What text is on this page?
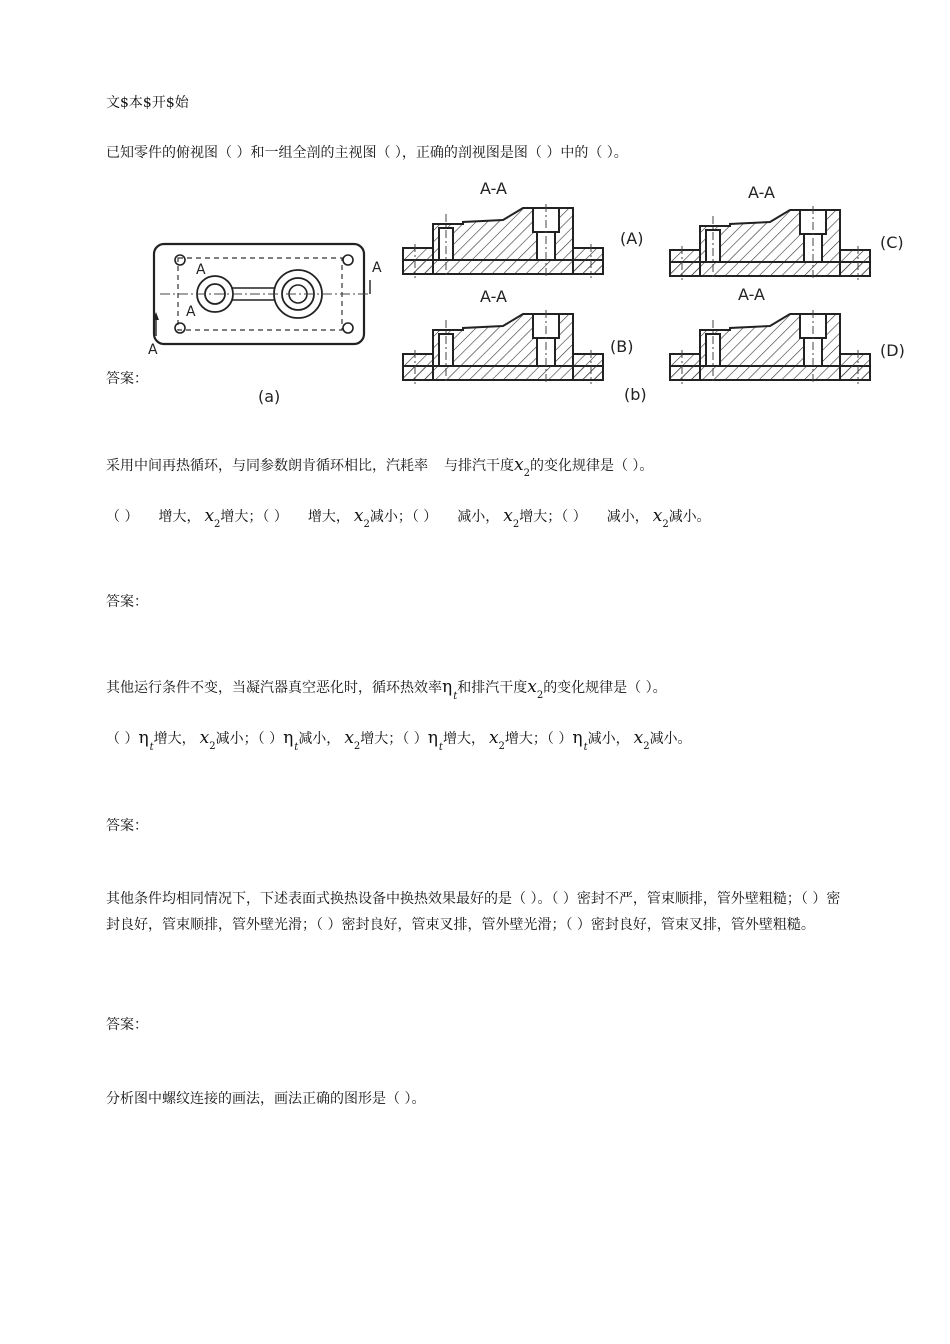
文$本$开$始
已知零件的俯视图（ ）和一组全剖的主视图（ ），正确的剖视图是图（ ）中的（ ）。
A
A
A
A
(a)
A-A
(A)
A-A
(C)
A-A
(B)
A-A
(D)
(b)
答案：
采用中间再热循环，与同参数朗肯循环相比，汽耗率 与排汽干度$x_2$的变化规律是（ ）。
（ ） 增大， $x_2$增大；（ ） 增大， $x_2$减小；（ ） 减小， $x_2$增大；（ ） 减小， $x_2$减小。
答案：
其他运行条件不变，当凝汽器真空恶化时，循环热效率$\eta_t$和排汽干度$x_2$的变化规律是（ ）。
（ ）$\eta_t$增大， $x_2$减小；（ ）$\eta_t$减小， $x_2$增大；（ ）$\eta_t$增大， $x_2$增大；（ ）$\eta_t$减小， $x_2$减小。
答案：
其他条件均相同情况下，下述表面式换热设备中换热效果最好的是（ ）。（ ）密封不严，管束顺排，管外壁粗糙；（ ）密封良好，管束顺排，管外壁光滑；（ ）密封良好，管束叉排，管外壁光滑；（ ）密封良好，管束叉排，管外壁粗糙。
答案：
分析图中螺纹连接的画法，画法正确的图形是（ ）。
